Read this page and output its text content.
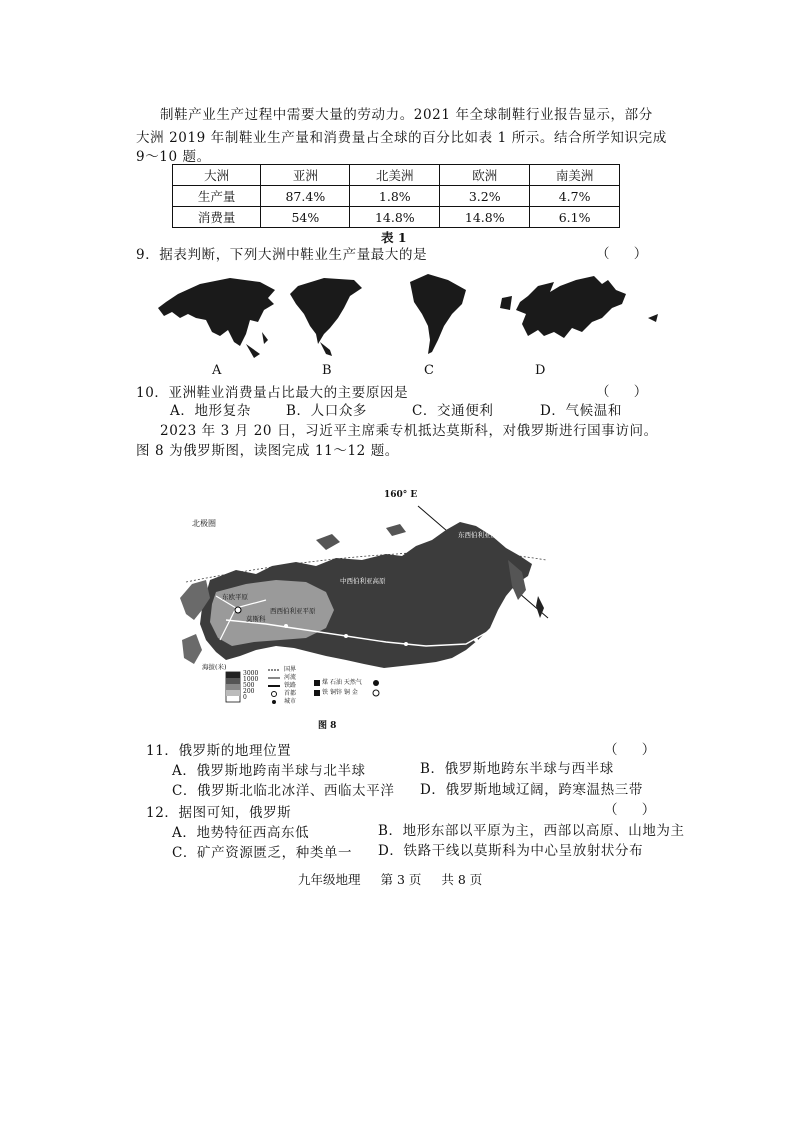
制鞋产业生产过程中需要大量的劳动力。2021 年全球制鞋行业报告显示，部分
大洲 2019 年制鞋业生产量和消费量占全球的百分比如表 1 所示。结合所学知识完成
9～10 题。
大洲	亚洲	北美洲	欧洲	南美洲
生产量	87.4%	1.8%	3.2%	4.7%
消费量	54%	14.8%	14.8%	6.1%
表 1
9．据表判断，下列大洲中鞋业生产量最大的是	（ ）
A	B	C	D
10．亚洲鞋业消费量占比最大的主要原因是	（ ）
A．地形复杂	B．人口众多	C．交通便利	D．气候温和
2023 年 3 月 20 日，习近平主席乘专机抵达莫斯科，对俄罗斯进行国事访问。
图 8 为俄罗斯图，读图完成 11～12 题。
160° E
北极圈
东西伯利亚山地
中西伯利亚高原
东欧平原
西西伯利亚平原
莫斯科
海拔(米)
3000
1000
500
200
0
国界
河流
铁路
首都
城市
煤 石油 天然气
铁 铜锌 铜 金
图 8
11．俄罗斯的地理位置	（ ）
A．俄罗斯地跨南半球与北半球	B．俄罗斯地跨东半球与西半球
C．俄罗斯北临北冰洋、西临太平洋 D．俄罗斯地域辽阔，跨寒温热三带
12．据图可知，俄罗斯	（ ）
A．地势特征西高东低	B．地形东部以平原为主，西部以高原、山地为主
C．矿产资源匮乏，种类单一 D．铁路干线以莫斯科为中心呈放射状分布
九年级地理 第 3 页 共 8 页
